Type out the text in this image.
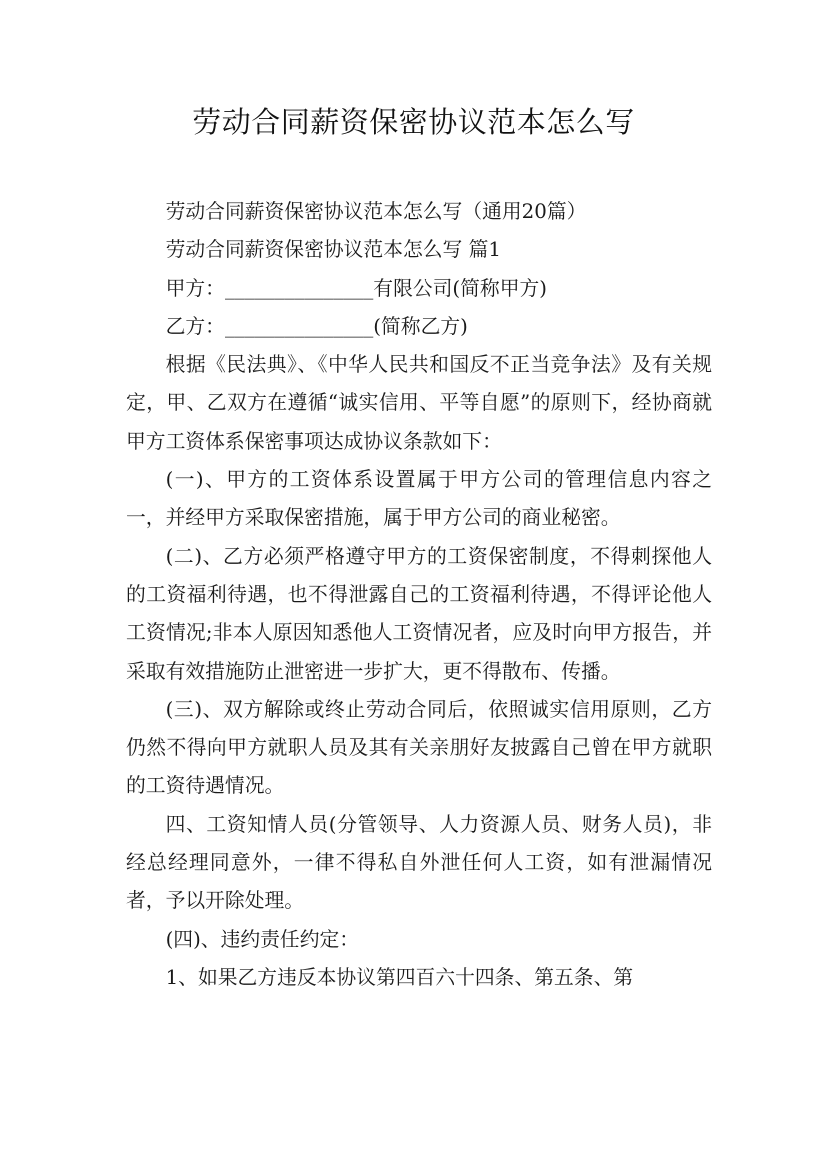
劳动合同薪资保密协议范本怎么写

劳动合同薪资保密协议范本怎么写（通用20篇）

劳动合同薪资保密协议范本怎么写 篇1

甲方：_______________有限公司(简称甲方)

乙方：_______________(简称乙方)

根据《民法典》、《中华人民共和国反不正当竞争法》及有关规定，甲、乙双方在遵循“诚实信用、平等自愿”的原则下，经协商就甲方工资体系保密事项达成协议条款如下：

(一)、甲方的工资体系设置属于甲方公司的管理信息内容之一，并经甲方采取保密措施，属于甲方公司的商业秘密。

(二)、乙方必须严格遵守甲方的工资保密制度，不得刺探他人的工资福利待遇，也不得泄露自己的工资福利待遇，不得评论他人工资情况;非本人原因知悉他人工资情况者，应及时向甲方报告，并采取有效措施防止泄密进一步扩大，更不得散布、传播。

(三)、双方解除或终止劳动合同后，依照诚实信用原则，乙方仍然不得向甲方就职人员及其有关亲朋好友披露自己曾在甲方就职的工资待遇情况。

四、工资知情人员(分管领导、人力资源人员、财务人员)，非经总经理同意外，一律不得私自外泄任何人工资，如有泄漏情况者，予以开除处理。

(四)、违约责任约定：

1、如果乙方违反本协议第四百六十四条、第五条、第
